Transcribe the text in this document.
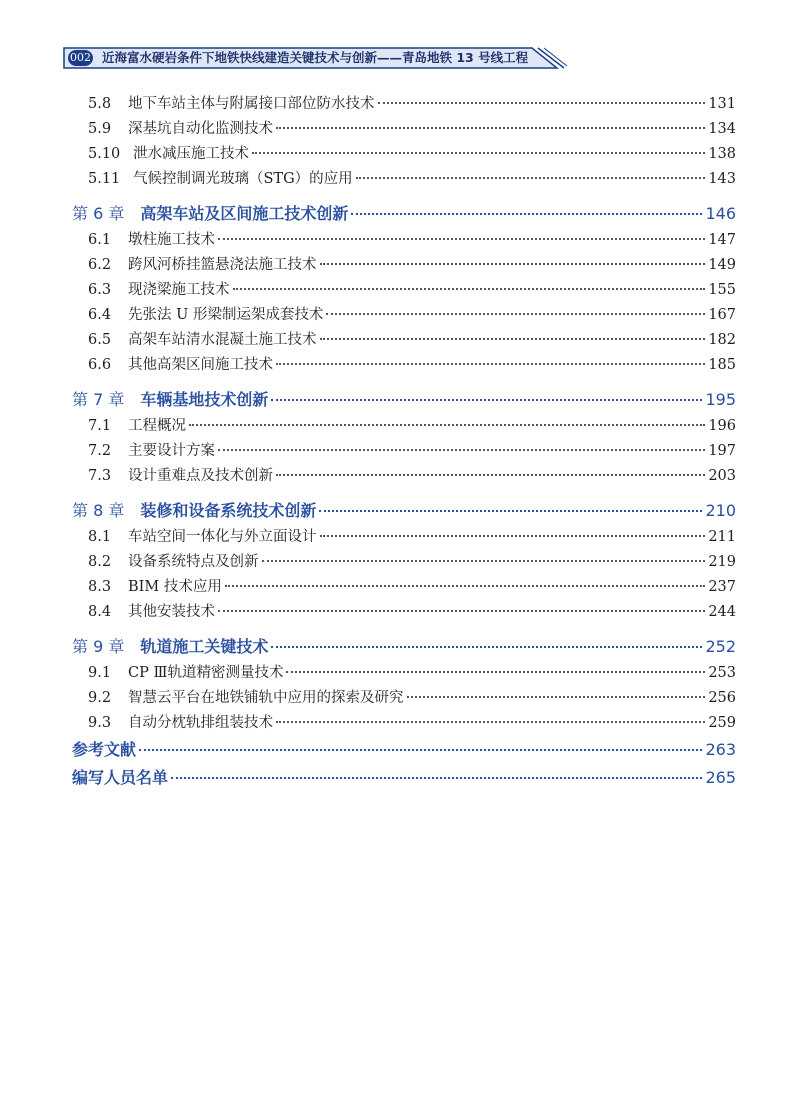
002 近海富水硬岩条件下地铁快线建造关键技术与创新——青岛地铁 13 号线工程
5.8	地下车站主体与附属接口部位防水技术	131
5.9	深基坑自动化监测技术	134
5.10 泄水减压施工技术	138
5.11 气候控制调光玻璃（STG）的应用	143
第 6 章 高架车站及区间施工技术创新	146
6.1	墩柱施工技术	147
6.2	跨风河桥挂篮悬浇法施工技术	149
6.3	现浇梁施工技术	155
6.4	先张法 U 形梁制运架成套技术	167
6.5	高架车站清水混凝土施工技术	182
6.6	其他高架区间施工技术	185
第 7 章 车辆基地技术创新	195
7.1	工程概况	196
7.2	主要设计方案	197
7.3	设计重难点及技术创新	203
第 8 章 装修和设备系统技术创新	210
8.1	车站空间一体化与外立面设计	211
8.2	设备系统特点及创新	219
8.3	BIM 技术应用	237
8.4	其他安装技术	244
第 9 章 轨道施工关键技术	252
9.1	CP Ⅲ轨道精密测量技术	253
9.2	智慧云平台在地铁铺轨中应用的探索及研究	256
9.3	自动分枕轨排组装技术	259
参考文献	263
编写人员名单	265
